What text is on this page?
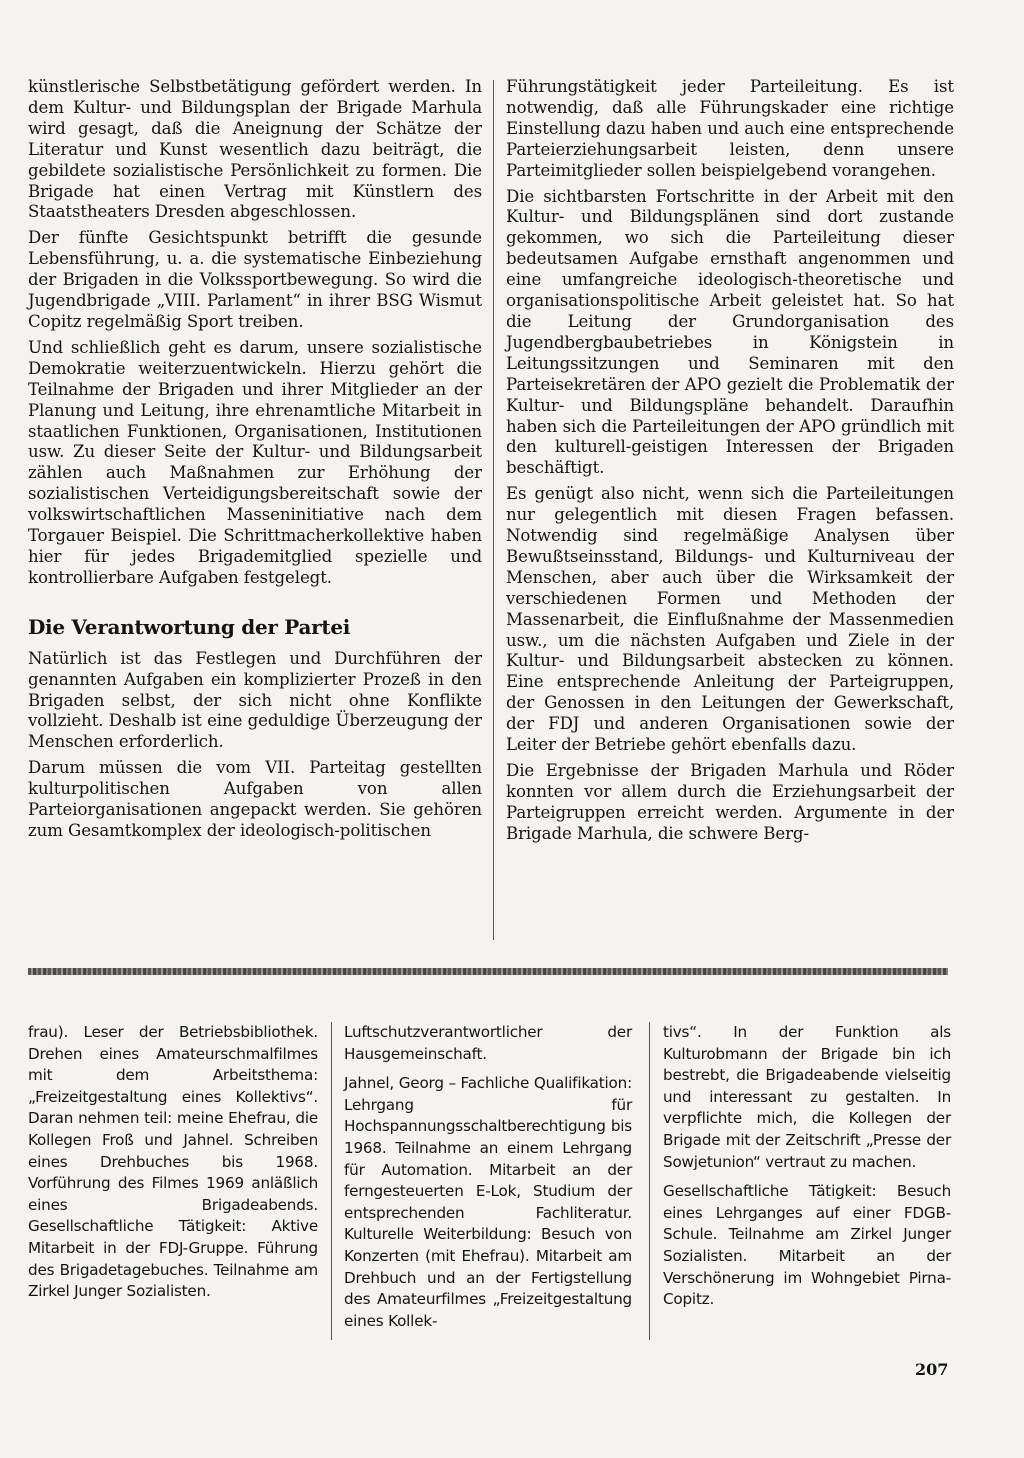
künstlerische Selbstbetätigung gefördert werden. In dem Kultur- und Bildungsplan der Brigade Marhula wird gesagt, daß die Aneignung der Schätze der Literatur und Kunst wesentlich dazu beiträgt, die gebildete sozialistische Persönlichkeit zu formen. Die Brigade hat einen Vertrag mit Künstlern des Staatstheaters Dresden abgeschlossen.

Der fünfte Gesichtspunkt betrifft die gesunde Lebensführung, u. a. die systematische Einbeziehung der Brigaden in die Volkssportbewegung. So wird die Jugendbrigade „VIII. Parlament“ in ihrer BSG Wismut Copitz regelmäßig Sport treiben.

Und schließlich geht es darum, unsere sozialistische Demokratie weiterzuentwickeln. Hierzu gehört die Teilnahme der Brigaden und ihrer Mitglieder an der Planung und Leitung, ihre ehrenamtliche Mitarbeit in staatlichen Funktionen, Organisationen, Institutionen usw. Zu dieser Seite der Kultur- und Bildungsarbeit zählen auch Maßnahmen zur Erhöhung der sozialistischen Verteidigungsbereitschaft sowie der volkswirtschaftlichen Masseninitiative nach dem Torgauer Beispiel. Die Schrittmacherkollektive haben hier für jedes Brigademitglied spezielle und kontrollierbare Aufgaben festgelegt.

Die Verantwortung der Partei

Natürlich ist das Festlegen und Durchführen der genannten Aufgaben ein komplizierter Prozeß in den Brigaden selbst, der sich nicht ohne Konflikte vollzieht. Deshalb ist eine geduldige Überzeugung der Menschen erforderlich.

Darum müssen die vom VII. Parteitag gestellten kulturpolitischen Aufgaben von allen Parteiorganisationen angepackt werden. Sie gehören zum Gesamtkomplex der ideologisch-politischen

Führungstätigkeit jeder Parteileitung. Es ist notwendig, daß alle Führungskader eine richtige Einstellung dazu haben und auch eine entsprechende Parteierziehungsarbeit leisten, denn unsere Parteimitglieder sollen beispielgebend vorangehen.

Die sichtbarsten Fortschritte in der Arbeit mit den Kultur- und Bildungsplänen sind dort zustande gekommen, wo sich die Parteileitung dieser bedeutsamen Aufgabe ernsthaft angenommen und eine umfangreiche ideologisch-theoretische und organisationspolitische Arbeit geleistet hat. So hat die Leitung der Grundorganisation des Jugendbergbaubetriebes in Königstein in Leitungssitzungen und Seminaren mit den Parteisekretären der APO gezielt die Problematik der Kultur- und Bildungspläne behandelt. Daraufhin haben sich die Parteileitungen der APO gründlich mit den kulturell-geistigen Interessen der Brigaden beschäftigt.

Es genügt also nicht, wenn sich die Parteileitungen nur gelegentlich mit diesen Fragen befassen. Notwendig sind regelmäßige Analysen über Bewußtseinsstand, Bildungs- und Kulturniveau der Menschen, aber auch über die Wirksamkeit der verschiedenen Formen und Methoden der Massenarbeit, die Einflußnahme der Massenmedien usw., um die nächsten Aufgaben und Ziele in der Kultur- und Bildungsarbeit abstecken zu können. Eine entsprechende Anleitung der Parteigruppen, der Genossen in den Leitungen der Gewerkschaft, der FDJ und anderen Organisationen sowie der Leiter der Betriebe gehört ebenfalls dazu.

Die Ergebnisse der Brigaden Marhula und Röder konnten vor allem durch die Erziehungsarbeit der Parteigruppen erreicht werden. Argumente in der Brigade Marhula, die schwere Berg-

frau). Leser der Betriebsbibliothek. Drehen eines Amateurschmalfilmes mit dem Arbeitsthema: „Freizeitgestaltung eines Kollektivs“. Daran nehmen teil: meine Ehefrau, die Kollegen Froß und Jahnel. Schreiben eines Drehbuches bis 1968. Vorführung des Filmes 1969 anläßlich eines Brigadeabends. Gesellschaftliche Tätigkeit: Aktive Mitarbeit in der FDJ-Gruppe. Führung des Brigadetagebuches. Teilnahme am Zirkel Junger Sozialisten.

Luftschutzverantwortlicher der Hausgemeinschaft.

Jahnel, Georg – Fachliche Qualifikation: Lehrgang für Hochspannungsschaltberechtigung bis 1968. Teilnahme an einem Lehrgang für Automation. Mitarbeit an der ferngesteuerten E-Lok, Studium der entsprechenden Fachliteratur. Kulturelle Weiterbildung: Besuch von Konzerten (mit Ehefrau). Mitarbeit am Drehbuch und an der Fertigstellung des Amateurfilmes „Freizeitgestaltung eines Kollek-

tivs“. In der Funktion als Kulturobmann der Brigade bin ich bestrebt, die Brigadeabende vielseitig und interessant zu gestalten. In verpflichte mich, die Kollegen der Brigade mit der Zeitschrift „Presse der Sowjetunion“ vertraut zu machen.

Gesellschaftliche Tätigkeit: Besuch eines Lehrganges auf einer FDGB-Schule. Teilnahme am Zirkel Junger Sozialisten. Mitarbeit an der Verschönerung im Wohngebiet Pirna-Copitz.

207
